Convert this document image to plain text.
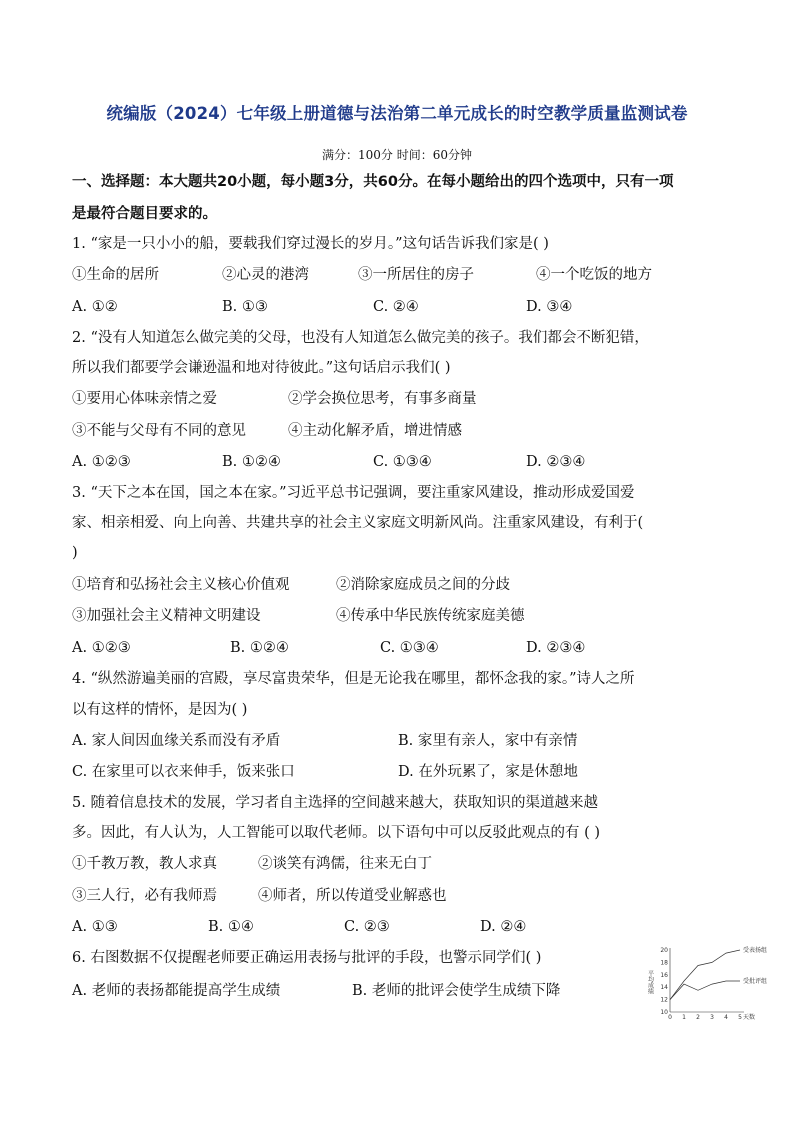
统编版（2024）七年级上册道德与法治第二单元成长的时空教学质量监测试卷
满分：100分 时间：60分钟
一、选择题：本大题共20小题，每小题3分，共60分。在每小题给出的四个选项中，只有一项
是最符合题目要求的。
1. “家是一只小小的船，要载我们穿过漫长的岁月。”这句话告诉我们家是( )
①生命的居所	②心灵的港湾	③一所居住的房子	④一个吃饭的地方
A. ①②	B. ①③	C. ②④	D. ③④
2. “没有人知道怎么做完美的父母，也没有人知道怎么做完美的孩子。我们都会不断犯错，
所以我们都要学会谦逊温和地对待彼此。”这句话启示我们( )
①要用心体味亲情之爱	②学会换位思考，有事多商量
③不能与父母有不同的意见	④主动化解矛盾，增进情感
A. ①②③	B. ①②④	C. ①③④	D. ②③④
3. “天下之本在国，国之本在家。”习近平总书记强调，要注重家风建设，推动形成爱国爱
家、相亲相爱、向上向善、共建共享的社会主义家庭文明新风尚。注重家风建设，有利于(
)
①培育和弘扬社会主义核心价值观	②消除家庭成员之间的分歧
③加强社会主义精神文明建设	④传承中华民族传统家庭美德
A. ①②③	B. ①②④	C. ①③④	D. ②③④
4. “纵然游遍美丽的宫殿，享尽富贵荣华，但是无论我在哪里，都怀念我的家。”诗人之所
以有这样的情怀，是因为( )
A. 家人间因血缘关系而没有矛盾	B. 家里有亲人，家中有亲情
C. 在家里可以衣来伸手，饭来张口	D. 在外玩累了，家是休憩地
5. 随着信息技术的发展，学习者自主选择的空间越来越大，获取知识的渠道越来越
多。因此，有人认为，人工智能可以取代老师。以下语句中可以反驳此观点的有 ( )
①千教万教，教人求真	②谈笑有鸿儒，往来无白丁
③三人行，必有我师焉	④师者，所以传道受业解惑也
A. ①③	B. ①④	C. ②③	D. ②④
6. 右图数据不仅提醒老师要正确运用表扬与批评的手段，也警示同学们( )
A. 老师的表扬都能提高学生成绩	B. 老师的批评会使学生成绩下降	平均成绩
天数
10
12
14
16
18
20
0 1 2 3 4 5
受表扬组
受批评组
